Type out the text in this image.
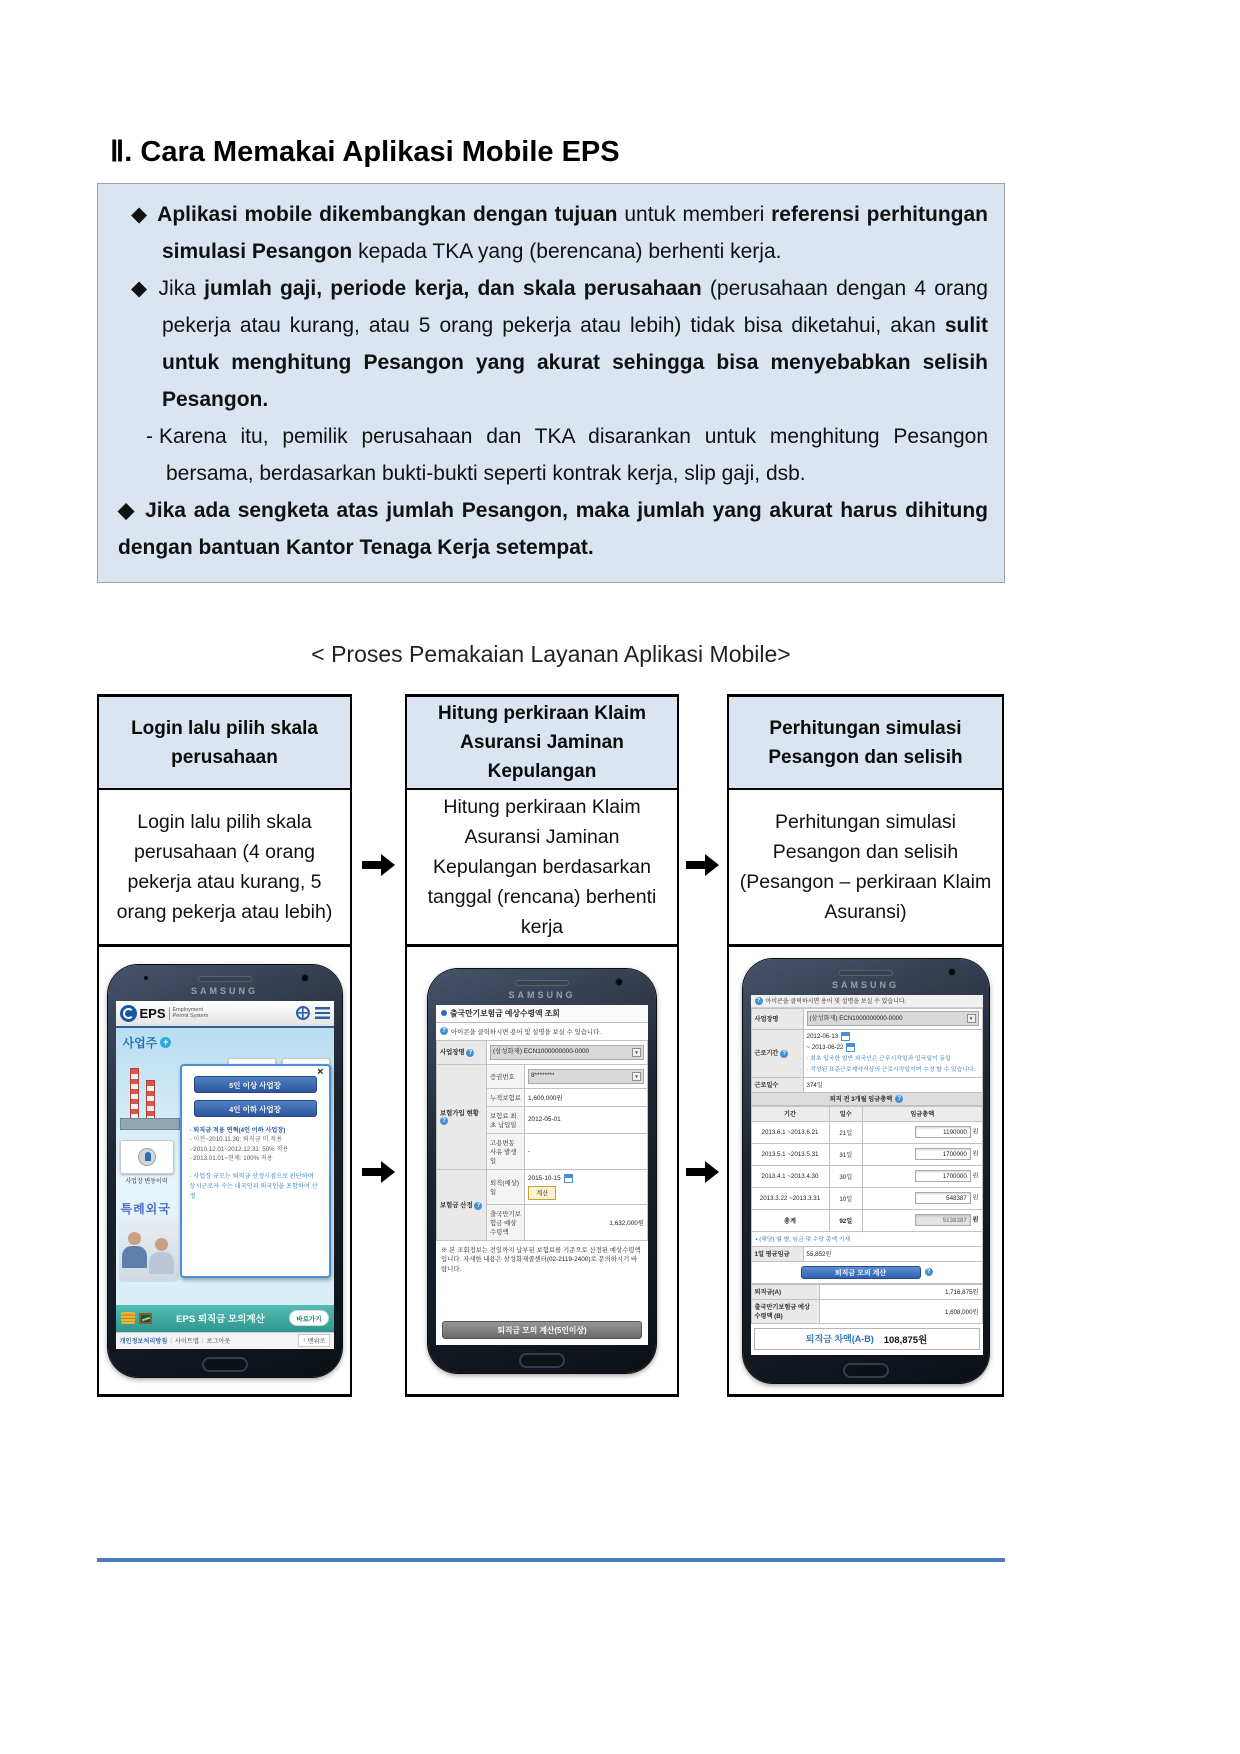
Ⅱ. Cara Memakai Aplikasi Mobile EPS

◆ Aplikasi mobile dikembangkan dengan tujuan untuk memberi referensi perhitungan simulasi Pesangon kepada TKA yang (berencana) berhenti kerja.

◆ Jika jumlah gaji, periode kerja, dan skala perusahaan (perusahaan dengan 4 orang pekerja atau kurang, atau 5 orang pekerja atau lebih) tidak bisa diketahui, akan sulit untuk menghitung Pesangon yang akurat sehingga bisa menyebabkan selisih Pesangon.

- Karena itu, pemilik perusahaan dan TKA disarankan untuk menghitung Pesangon bersama, berdasarkan bukti-bukti seperti kontrak kerja, slip gaji, dsb.

◆ Jika ada sengketa atas jumlah Pesangon, maka jumlah yang akurat harus dihitung dengan bantuan Kantor Tenaga Kerja setempat.

< Proses Pemakaian Layanan Aplikasi Mobile>
Login lalu pilih skala perusahaan
Login lalu pilih skala perusahaan (4 orang pekerja atau kurang, 5 orang pekerja atau lebih)
SAMSUNG
EPS	Employment
Permit System
사업주 +
사업장 변동이력
특례외국
×
5인 이상 사업장
4인 이하 사업장
· 퇴직금 적용 연혁(4인 이하 사업장)
- 이전~2010.11.30: 퇴직금 미 적용
- 2010.12.01~2012.12.31: 50% 적용
- 2013.01.01~현재: 100% 적용
· 사업장 규모는 퇴직금 산정시점으로 판단하며 상시근로자 수는 내국인과 외국인을 포함하여 산정
EPS 퇴직금 모의계산	바로가기
개인정보처리방침 | 사이트맵 | 로그아웃	↑ 맨위로
Hitung perkiraan Klaim Asuransi Jaminan Kepulangan
Hitung perkiraan Klaim Asuransi Jaminan Kepulangan berdasarkan tanggal (rencana) berhenti kerja
SAMSUNG
출국만기보험금 예상수령액 조회
? 아이콘을 클릭하시면 용어 및 설명을 보실 수 있습니다.
사업장명 ?	(삼성화재) ECN1000000000-0000 ▼	

보험가입 현황 ?	증권번호	8******** ▼

	누적보험료	1,600,000원
	보험료 최초 납입일	2012-05-01
	고용변동 사유 발생일	-
보험금 산정 ?	퇴직(예상)일	2015-10-15
계산
	출국만기보험금 예상 수령액	1,632,000원
※ 본 조회정보는 전일까지 납부된 보험료를 기준으로 산정된 예상수령액 입니다. 자세한 내용은 삼성화재콜센터(02-2119-2400)로 문의하시기 바랍니다.
퇴직금 모의 계산(5인이상)
Perhitungan simulasi Pesangon dan selisih
Perhitungan simulasi Pesangon dan selisih (Pesangon – perkiraan Klaim Asuransi)
SAMSUNG
? 아이콘을 클릭하시면 용어 및 설명을 보실 수 있습니다.
사업장명	(삼성화재) ECN1000000000-0000 ▼

근로기간 ?	2012-06-13
~ 2013-06-22
· 최초 입국한 일반 외국인은 근무시작일과 입국일이 동일
· 작성된 표준근로계약서상의 근로시작일이며 수정 할 수 있습니다.

근로일수	374일
퇴직 전 3개월 임금총액 ?
기간	일수	임금총액
2013.6.1 ~2013.6.21	21일	1190000 원
2013.5.1 ~2013.5.31	31일	1700000 원
2013.4.1 ~2013.4.30	30일	1700000 원
2013.3.22 ~2013.3.31	10일	548387 원
총계	92일	5138387 원
• (해당) 월 별, 임금 및 수당 총액 기재
1일 평균임금	55,852원
퇴직금 모의 계산	?
퇴직금(A)	1,716,875원
출국만기보험금 예상수령액 (B)	1,608,000원
퇴직금 차액(A-B) 108,875원
